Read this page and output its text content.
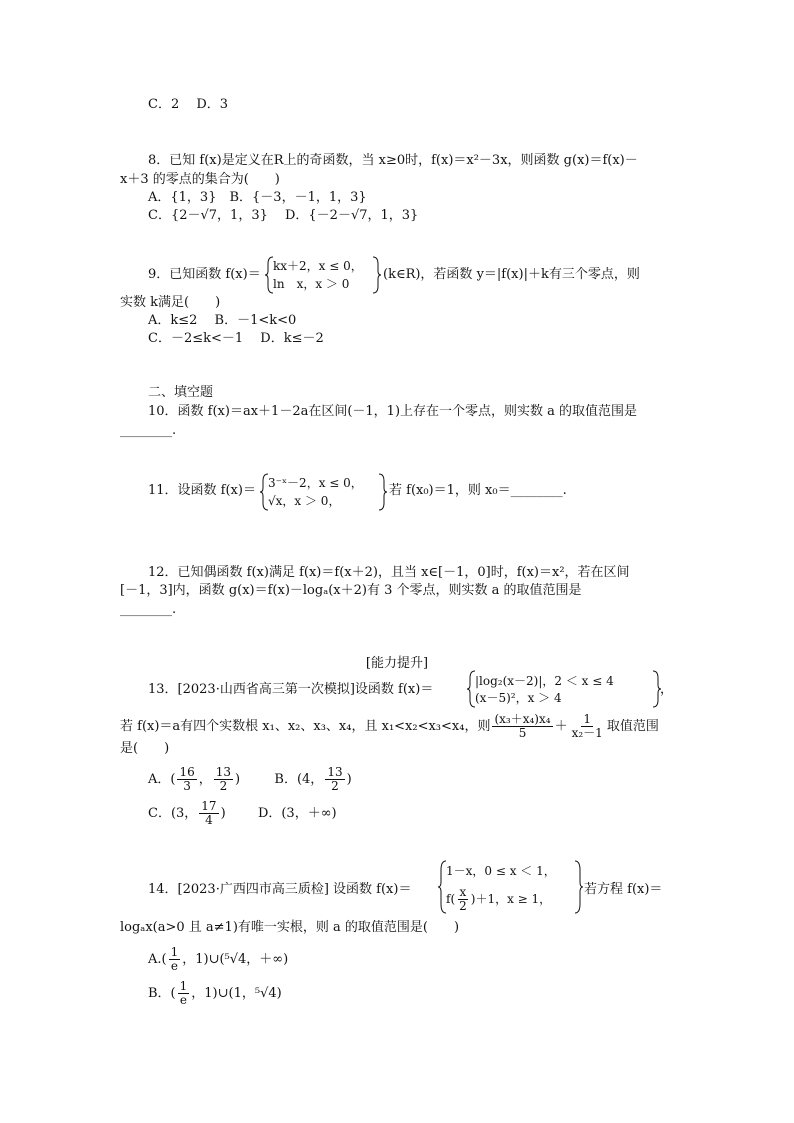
C．2　 D．3
8．已知 f(x)是定义在R上的奇函数，当 x≥0时，f(x)＝x²－3x，则函数 g(x)＝f(x)－
x＋3 的零点的集合为(　　)
A．{1，3}　B．{－3，－1，1，3}
C．{2－√7，1，3}　 D．{－2－√7，1，3}
9．已知函数 f(x)＝
kx＋2，x ≤ 0，
ln　x，x ＞ 0
(k∈R)，若函数 y＝|f(x)|＋k有三个零点，则
实数 k满足(　　)
A．k≤2　 B．－1<k<0
C．－2≤k<－1　 D．k≤－2
二、填空题
10．函数 f(x)＝ax＋1－2a在区间(－1，1)上存在一个零点，则实数 a 的取值范围是
________.
11．设函数 f(x)＝ 3⁻ˣ－2，x ≤ 0，
√x，x ＞ 0，
若 f(x₀)＝1，则 x₀＝________.
12．已知偶函数 f(x)满足 f(x)＝f(x＋2)，且当 x∈[－1，0]时，f(x)＝x²，若在区间
[－1，3]内，函数 g(x)＝f(x)－logₐ(x＋2)有 3 个零点，则实数 a 的取值范围是
________.
[能力提升]
13．[2023·山西省高三第一次模拟]设函数 f(x)＝
|log₂(x－2)|，2 ＜ x ≤ 4
(x－5)²，x ＞ 4
，
若 f(x)＝a有四个实数根 x₁、x₂、x₃、x₄，且 x₁<x₂<x₃<x₄，则 $\frac{\text{(x₃＋x₄)x₄}}{5} + \frac{1}{\text{x₂－1}}$ 取值范围
是(　　)
A．( $\frac{16}{3}$ ， $\frac{13}{2}$ )	B．(4， $\frac{13}{2}$ )
C．(3， $\frac{17}{4}$ ) D．(3，＋∞)
14．[2023·广西四市高三质检] 设函数 f(x)＝
1－x，0 ≤ x ＜ 1，
$f( \frac{x}{2} )+1$，x ≥ 1，
若方程 f(x)＝
logₐx(a>0 且 a≠1)有唯一实根，则 a 的取值范围是(　　)
$A.( \frac{1}{e}$ ，1)∪(⁵√4，＋∞)
B．( $\frac{1}{e}$ ，1)∪(1，⁵√4)
